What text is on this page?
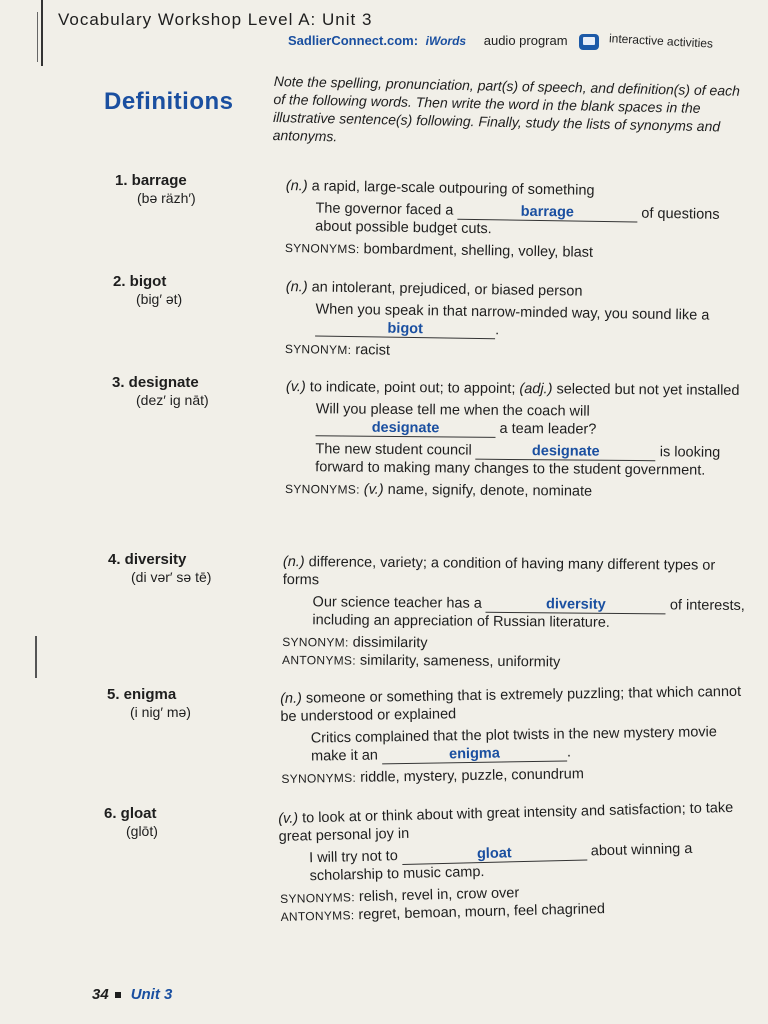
Vocabulary Workshop Level A: Unit 3
SadlierConnect.com: iWords audio program	interactive activities
Definitions
Note the spelling, pronunciation, part(s) of speech, and definition(s) of each of the following words. Then write the word in the blank spaces in the illustrative sentence(s) following. Finally, study the lists of synonyms and antonyms.
1. barrage
(bə räzh′)
(n.) a rapid, large-scale outpouring of something
The governor faced a	barrage	of questions about possible budget cuts.
SYNONYMS: bombardment, shelling, volley, blast
2. bigot
(big′ ət)
(n.) an intolerant, prejudiced, or biased person
When you speak in that narrow-minded way, you sound like a bigot	.
SYNONYM: racist
3. designate
(dez′ ig nāt)
(v.) to indicate, point out; to appoint; (adj.) selected but not yet installed
Will you please tell me when the coach will designate	a team leader?
The new student council	designate	is looking forward to making many changes to the student government.
SYNONYMS: (v.) name, signify, denote, nominate
4. diversity
(di vər′ sə tē)
(n.) difference, variety; a condition of having many different types or forms
Our science teacher has a	diversity	of interests, including an appreciation of Russian literature.
SYNONYM: dissimilarity
ANTONYMS: similarity, sameness, uniformity
5. enigma
(i nig′ mə)
(n.) someone or something that is extremely puzzling; that which cannot be understood or explained
Critics complained that the plot twists in the new mystery movie make it an	enigma	.
SYNONYMS: riddle, mystery, puzzle, conundrum
6. gloat
(glōt)
(v.) to look at or think about with great intensity and satisfaction; to take great personal joy in
I will try not to	gloat	about winning a scholarship to music camp.
SYNONYMS: relish, revel in, crow over
ANTONYMS: regret, bemoan, mourn, feel chagrined
34 Unit 3
